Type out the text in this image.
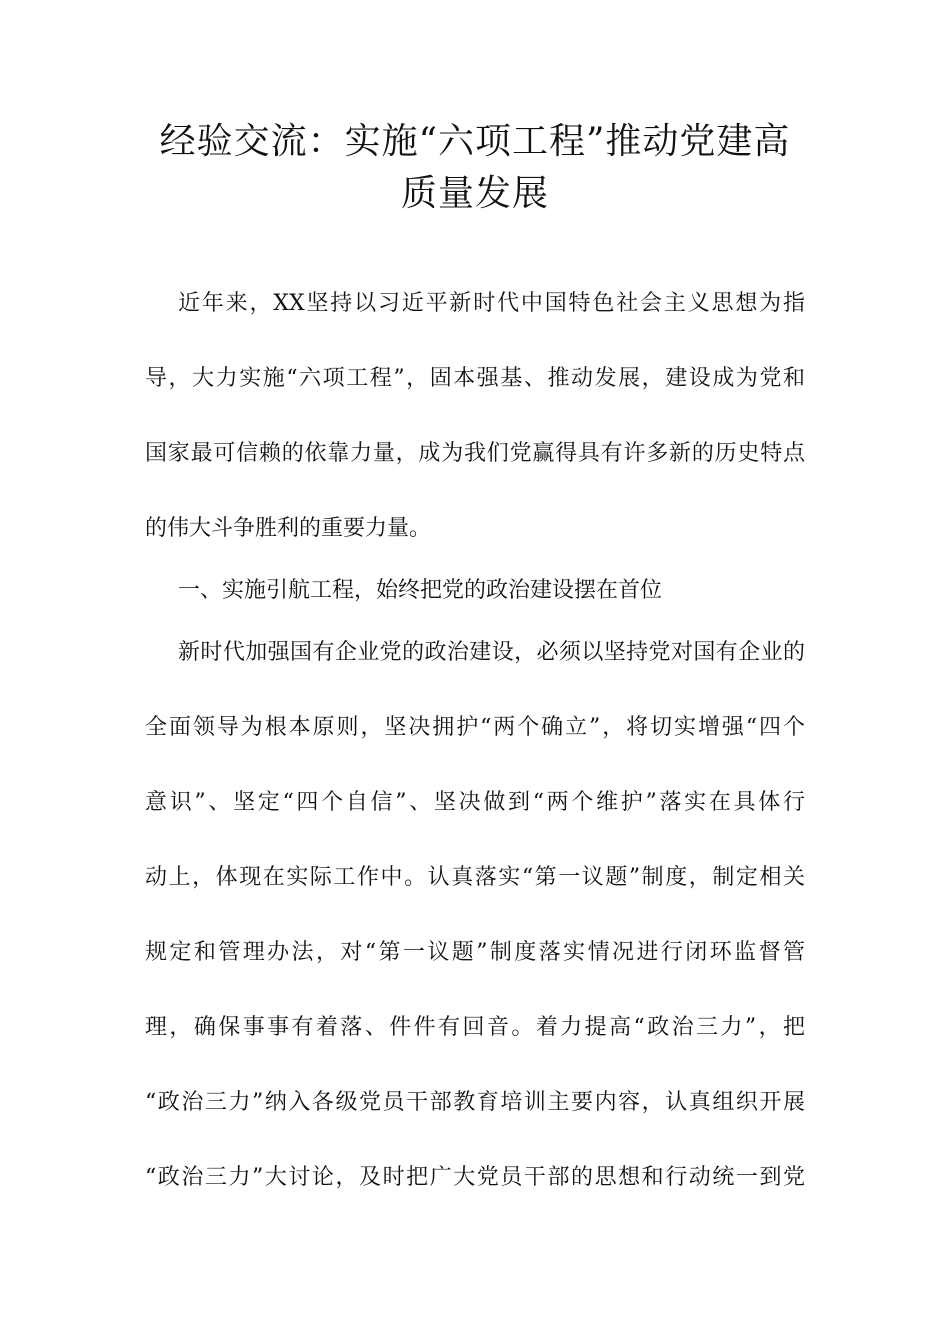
经验交流：实施“六项工程”推动党建高
质量发展

近年来，XX坚持以习近平新时代中国特色社会主义思想为指

导，大力实施“六项工程”，固本强基、推动发展，建设成为党和

国家最可信赖的依靠力量，成为我们党赢得具有许多新的历史特点

的伟大斗争胜利的重要力量。

一、实施引航工程，始终把党的政治建设摆在首位

新时代加强国有企业党的政治建设，必须以坚持党对国有企业的

全面领导为根本原则，坚决拥护“两个确立”，将切实增强“四个

意识”、坚定“四个自信”、坚决做到“两个维护”落实在具体行

动上，体现在实际工作中。认真落实“第一议题”制度，制定相关

规定和管理办法，对“第一议题”制度落实情况进行闭环监督管

理，确保事事有着落、件件有回音。着力提高“政治三力”，把

“政治三力”纳入各级党员干部教育培训主要内容，认真组织开展

“政治三力”大讨论，及时把广大党员干部的思想和行动统一到党
